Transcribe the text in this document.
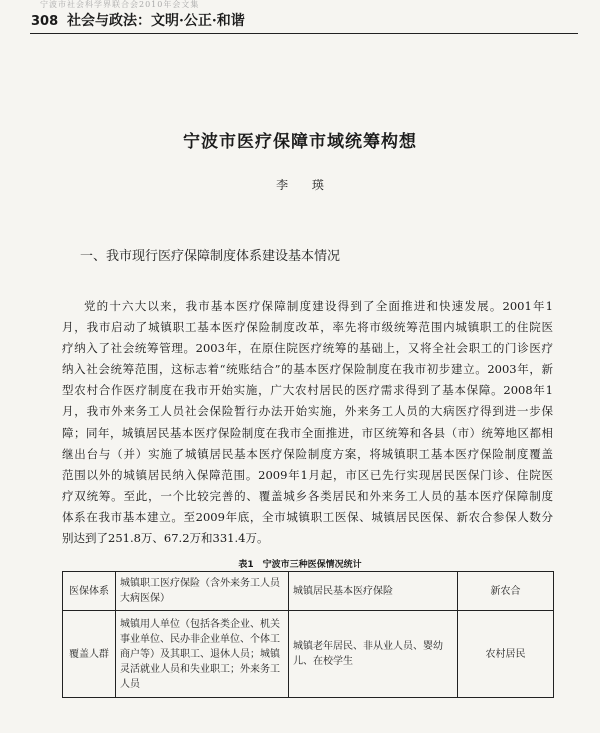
宁波市社会科学界联合会2010年会文集
308 社会与政法：文明·公正·和谐
宁波市医疗保障市域统筹构想
李 瑛
一、我市现行医疗保障制度体系建设基本情况
党的十六大以来，我市基本医疗保障制度建设得到了全面推进和快速发展。2001年1
月，我市启动了城镇职工基本医疗保险制度改革，率先将市级统筹范围内城镇职工的住院医
疗纳入了社会统筹管理。2003年，在原住院医疗统筹的基础上，又将全社会职工的门诊医疗
纳入社会统筹范围，这标志着“统账结合”的基本医疗保险制度在我市初步建立。2003年，新
型农村合作医疗制度在我市开始实施，广大农村居民的医疗需求得到了基本保障。2008年1
月，我市外来务工人员社会保险暂行办法开始实施，外来务工人员的大病医疗得到进一步保
障；同年，城镇居民基本医疗保险制度在我市全面推进，市区统筹和各县（市）统筹地区都相
继出台与（并）实施了城镇居民基本医疗保险制度方案，将城镇职工基本医疗保险制度覆盖
范围以外的城镇居民纳入保障范围。2009年1月起，市区已先行实现居民医保门诊、住院医
疗双统筹。至此，一个比较完善的、覆盖城乡各类居民和外来务工人员的基本医疗保障制度
体系在我市基本建立。至2009年底，全市城镇职工医保、城镇居民医保、新农合参保人数分
别达到了251.8万、67.2万和331.4万。
表1　宁波市三种医保情况统计
医保体系	城镇职工医疗保险（含外来务工人员大病医保）	城镇居民基本医疗保险	新农合
覆盖人群	城镇用人单位（包括各类企业、机关事业单位、民办非企业单位、个体工商户等）及其职工、退休人员；城镇灵活就业人员和失业职工；外来务工人员	城镇老年居民、非从业人员、婴幼儿、在校学生	农村居民
